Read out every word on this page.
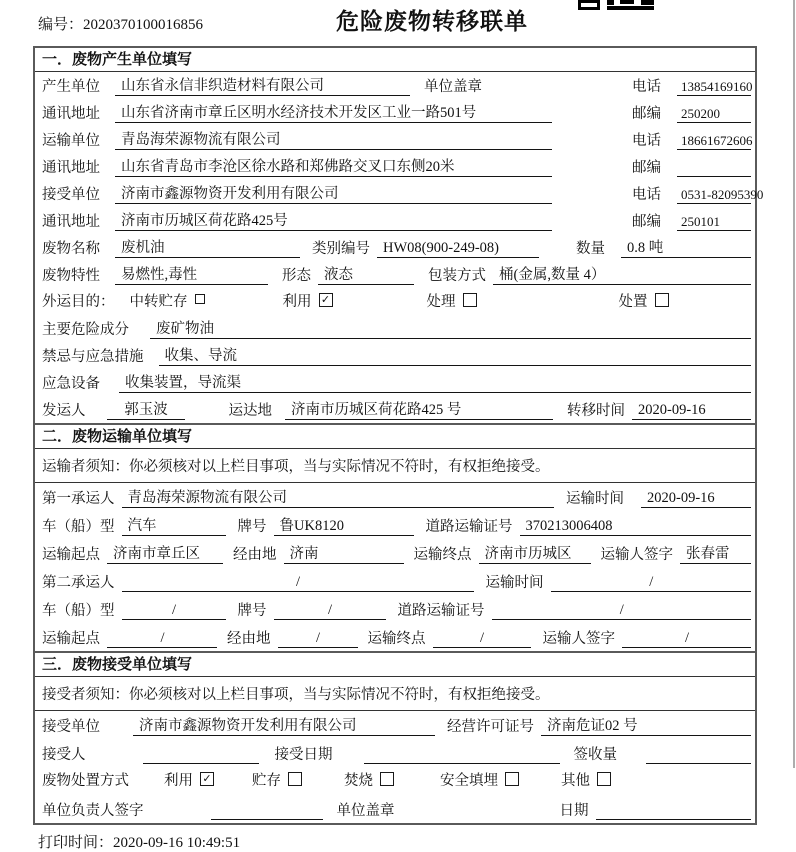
编号：2020370100016856	危险废物转移联单
一．废物产生单位填写
产生单位	山东省永信非织造材料有限公司	单位盖章	电话	13854169160
通讯地址	山东省济南市章丘区明水经济技术开发区工业一路501号	邮编	250200
运输单位	青岛海荣源物流有限公司	电话	18661672606
通讯地址	山东省青岛市李沧区徐水路和郑佛路交叉口东侧20米	邮编
接受单位	济南市鑫源物资开发利用有限公司	电话	0531-82095390
通讯地址	济南市历城区荷花路425号	邮编	250101
废物名称	废机油	类别编号 HW08(900-249-08)	数量	0.8 吨
废物特性	易燃性,毒性	形态 液态	包装方式 桶(金属,数量 4）
外运目的： 中转贮存	利用 ✓	处理	处置
主要危险成分	废矿物油
禁忌与应急措施	收集、导流
应急设备	收集装置，导流渠
发运人	郭玉波	运达地	济南市历城区荷花路425 号	转移时间 2020-09-16
二．废物运输单位填写
运输者须知：你必须核对以上栏目事项，当与实际情况不符时，有权拒绝接受。
第一承运人 青岛海荣源物流有限公司	运输时间	2020-09-16
车（船）型 汽车	牌号 鲁UK8120	道路运输证号 370213006408
运输起点 济南市章丘区	经由地 济南	运输终点 济南市历城区	运输人签字 张春雷
第二承运人	/	运输时间	/
车（船）型	/	牌号	/	道路运输证号	/
运输起点	/	经由地	/	运输终点	/	运输人签字	/
三．废物接受单位填写
接受者须知：你必须核对以上栏目事项，当与实际情况不符时，有权拒绝接受。
接受单位	济南市鑫源物资开发利用有限公司	经营许可证号 济南危证02 号
接受人	接受日期	签收量
废物处置方式 利用 ✓	贮存	焚烧	安全填埋	其他
单位负责人签字	单位盖章	日期
打印时间：2020-09-16 10:49:51
